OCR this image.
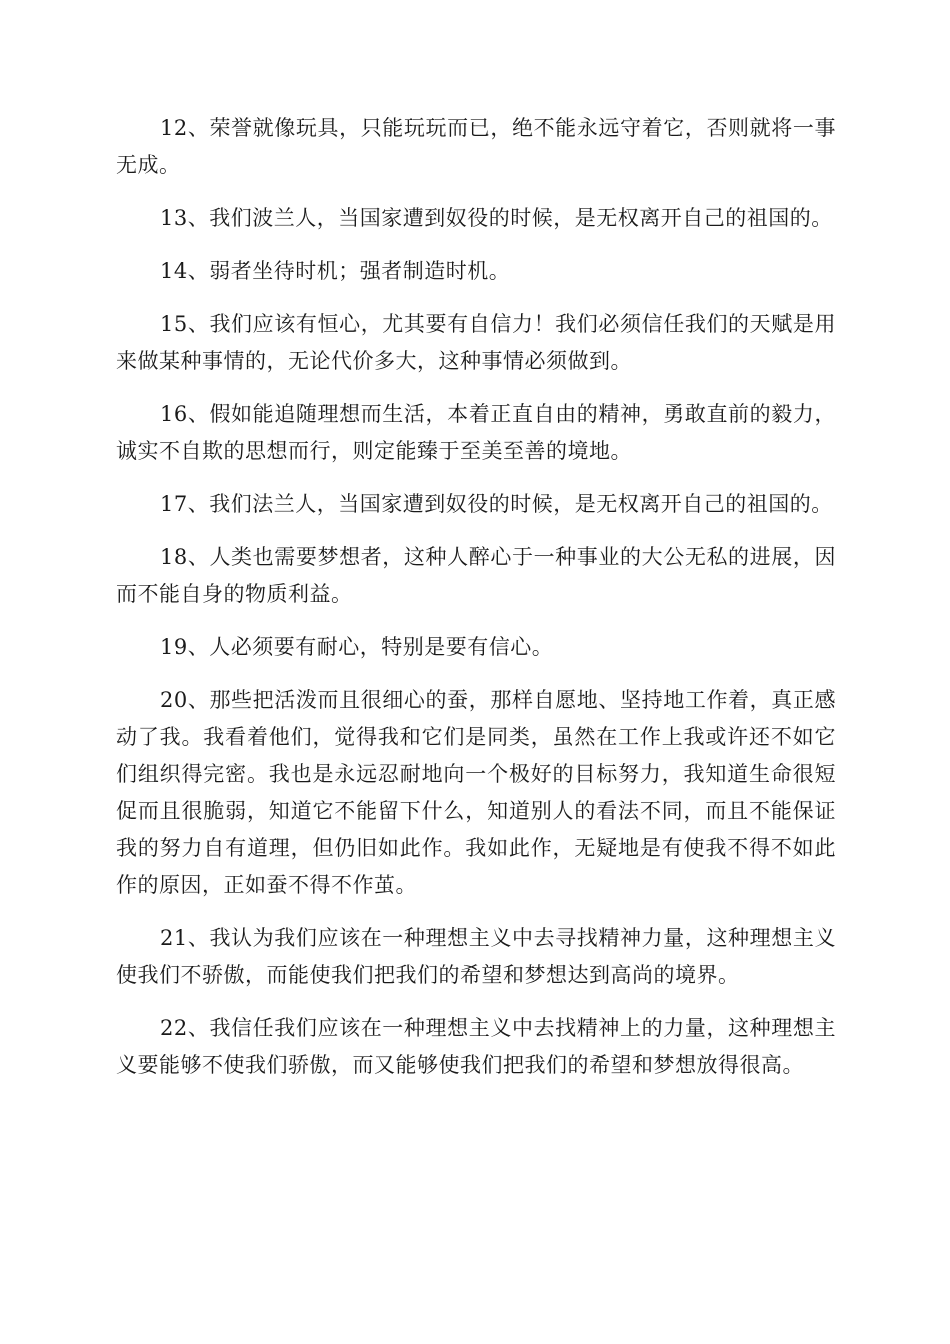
12、荣誉就像玩具，只能玩玩而已，绝不能永远守着它，否则就将一事无成。

13、我们波兰人，当国家遭到奴役的时候，是无权离开自己的祖国的。

14、弱者坐待时机；强者制造时机。

15、我们应该有恒心，尤其要有自信力！我们必须信任我们的天赋是用来做某种事情的，无论代价多大，这种事情必须做到。

16、假如能追随理想而生活，本着正直自由的精神，勇敢直前的毅力，诚实不自欺的思想而行，则定能臻于至美至善的境地。

17、我们法兰人，当国家遭到奴役的时候，是无权离开自己的祖国的。

18、人类也需要梦想者，这种人醉心于一种事业的大公无私的进展，因而不能自身的物质利益。

19、人必须要有耐心，特别是要有信心。

20、那些把活泼而且很细心的蚕，那样自愿地、坚持地工作着，真正感动了我。我看着他们，觉得我和它们是同类，虽然在工作上我或许还不如它们组织得完密。我也是永远忍耐地向一个极好的目标努力，我知道生命很短促而且很脆弱，知道它不能留下什么，知道别人的看法不同，而且不能保证我的努力自有道理，但仍旧如此作。我如此作，无疑地是有使我不得不如此作的原因，正如蚕不得不作茧。

21、我认为我们应该在一种理想主义中去寻找精神力量，这种理想主义使我们不骄傲，而能使我们把我们的希望和梦想达到高尚的境界。

22、我信任我们应该在一种理想主义中去找精神上的力量，这种理想主义要能够不使我们骄傲，而又能够使我们把我们的希望和梦想放得很高。
